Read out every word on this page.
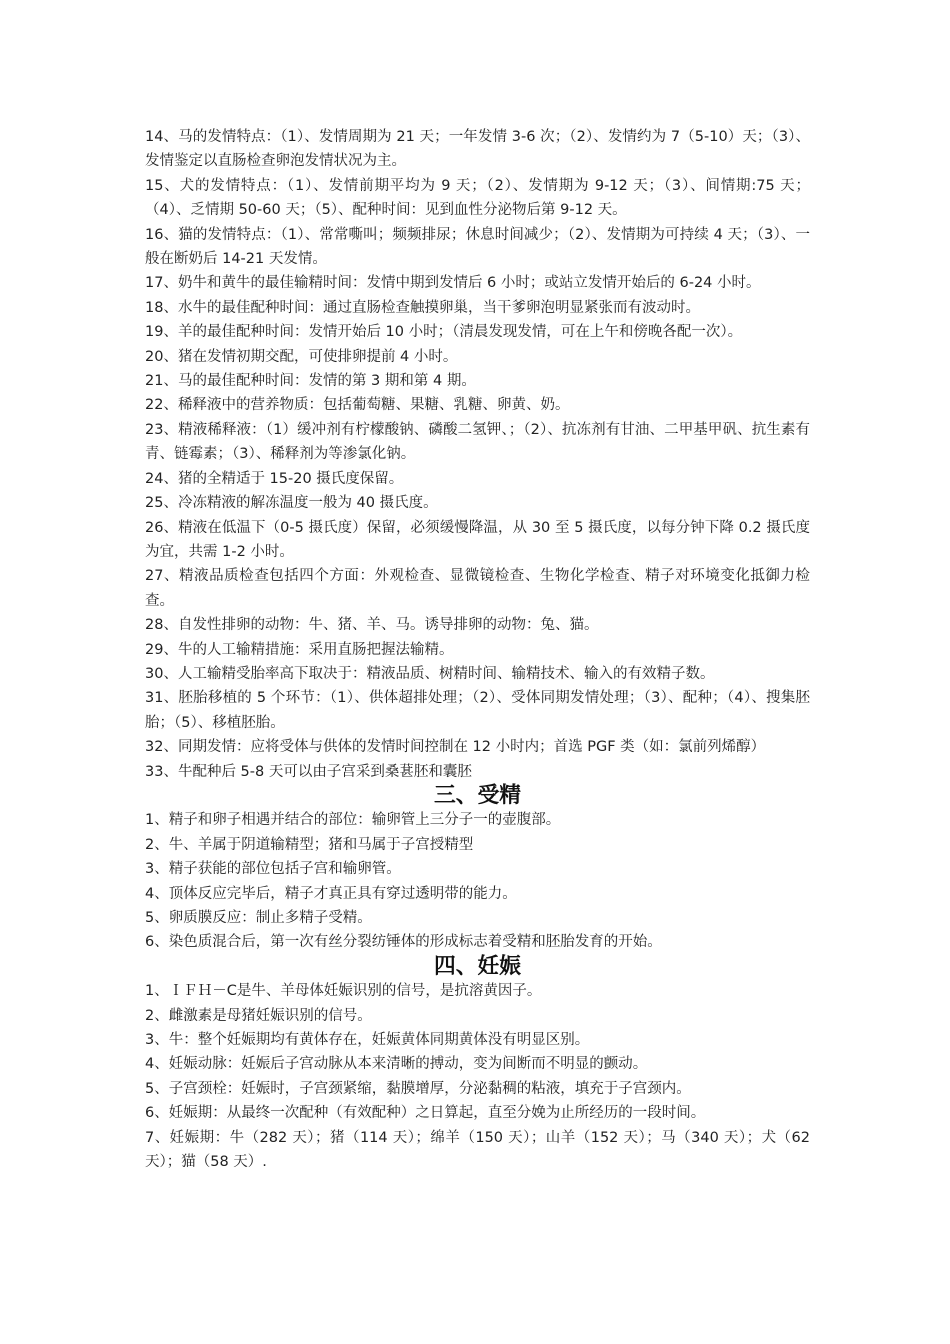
14、马的发情特点：（1）、发情周期为 21 天；一年发情 3-6 次；（2）、发情约为 7（5-10）天；（3）、发情鉴定以直肠检查卵泡发情状况为主。

15、犬的发情特点：（1）、发情前期平均为 9 天；（2）、发情期为 9-12 天；（3）、间情期:75 天；（4）、乏情期 50-60 天；（5）、配种时间：见到血性分泌物后第 9-12 天。

16、猫的发情特点：（1）、常常嘶叫；频频排尿；休息时间减少；（2）、发情期为可持续 4 天；（3）、一般在断奶后 14-21 天发情。

17、奶牛和黄牛的最佳输精时间：发情中期到发情后 6 小时；或站立发情开始后的 6-24 小时。

18、水牛的最佳配种时间：通过直肠检查触摸卵巢，当干爹卵泡明显紧张而有波动时。

19、羊的最佳配种时间：发情开始后 10 小时；（清晨发现发情，可在上午和傍晚各配一次）。

20、猪在发情初期交配，可使排卵提前 4 小时。

21、马的最佳配种时间：发情的第 3 期和第 4 期。

22、稀释液中的营养物质：包括葡萄糖、果糖、乳糖、卵黄、奶。

23、精液稀释液：（1）缓冲剂有柠檬酸钠、磷酸二氢钾、；（2）、抗冻剂有甘油、二甲基甲矾、抗生素有青、链霉素；（3）、稀释剂为等渗氯化钠。

24、猪的全精适于 15-20 摄氏度保留。

25、冷冻精液的解冻温度一般为 40 摄氏度。

26、精液在低温下（0-5 摄氏度）保留，必须缓慢降温，从 30 至 5 摄氏度，以每分钟下降 0.2 摄氏度为宜，共需 1-2 小时。

27、精液品质检查包括四个方面：外观检查、显微镜检查、生物化学检查、精子对环境变化抵御力检查。

28、自发性排卵的动物：牛、猪、羊、马。诱导排卵的动物：兔、猫。

29、牛的人工输精措施：采用直肠把握法输精。

30、人工输精受胎率高下取决于：精液品质、树精时间、输精技术、输入的有效精子数。

31、胚胎移植的 5 个环节：（1）、供体超排处理；（2）、受体同期发情处理；（3）、配种；（4）、搜集胚胎；（5）、移植胚胎。

32、同期发情：应将受体与供体的发情时间控制在 12 小时内；首选 PGF 类（如：氯前列烯醇）

33、牛配种后 5-8 天可以由子宫采到桑葚胚和囊胚

三、受精

1、精子和卵子相遇并结合的部位：输卵管上三分子一的壶腹部。

2、牛、羊属于阴道输精型；猪和马属于子宫授精型

3、精子获能的部位包括子宫和输卵管。

4、顶体反应完毕后，精子才真正具有穿过透明带的能力。

5、卵质膜反应：制止多精子受精。

6、染色质混合后，第一次有丝分裂纺锤体的形成标志着受精和胚胎发育的开始。

四、妊娠

1、ＩＦＨ－C是牛、羊母体妊娠识别的信号，是抗溶黄因子。

2、雌激素是母猪妊娠识别的信号。

3、牛：整个妊娠期均有黄体存在，妊娠黄体同期黄体没有明显区别。

4、妊娠动脉：妊娠后子宫动脉从本来清晰的搏动，变为间断而不明显的颤动。

5、子宫颈栓：妊娠时，子宫颈紧缩，黏膜增厚，分泌黏稠的粘液，填充于子宫颈内。

6、妊娠期：从最终一次配种（有效配种）之日算起，直至分娩为止所经历的一段时间。

7、妊娠期：牛（282 天）；猪（114 天）；绵羊（150 天）；山羊（152 天）；马（340 天）；犬（62 天）；猫（58 天）.
